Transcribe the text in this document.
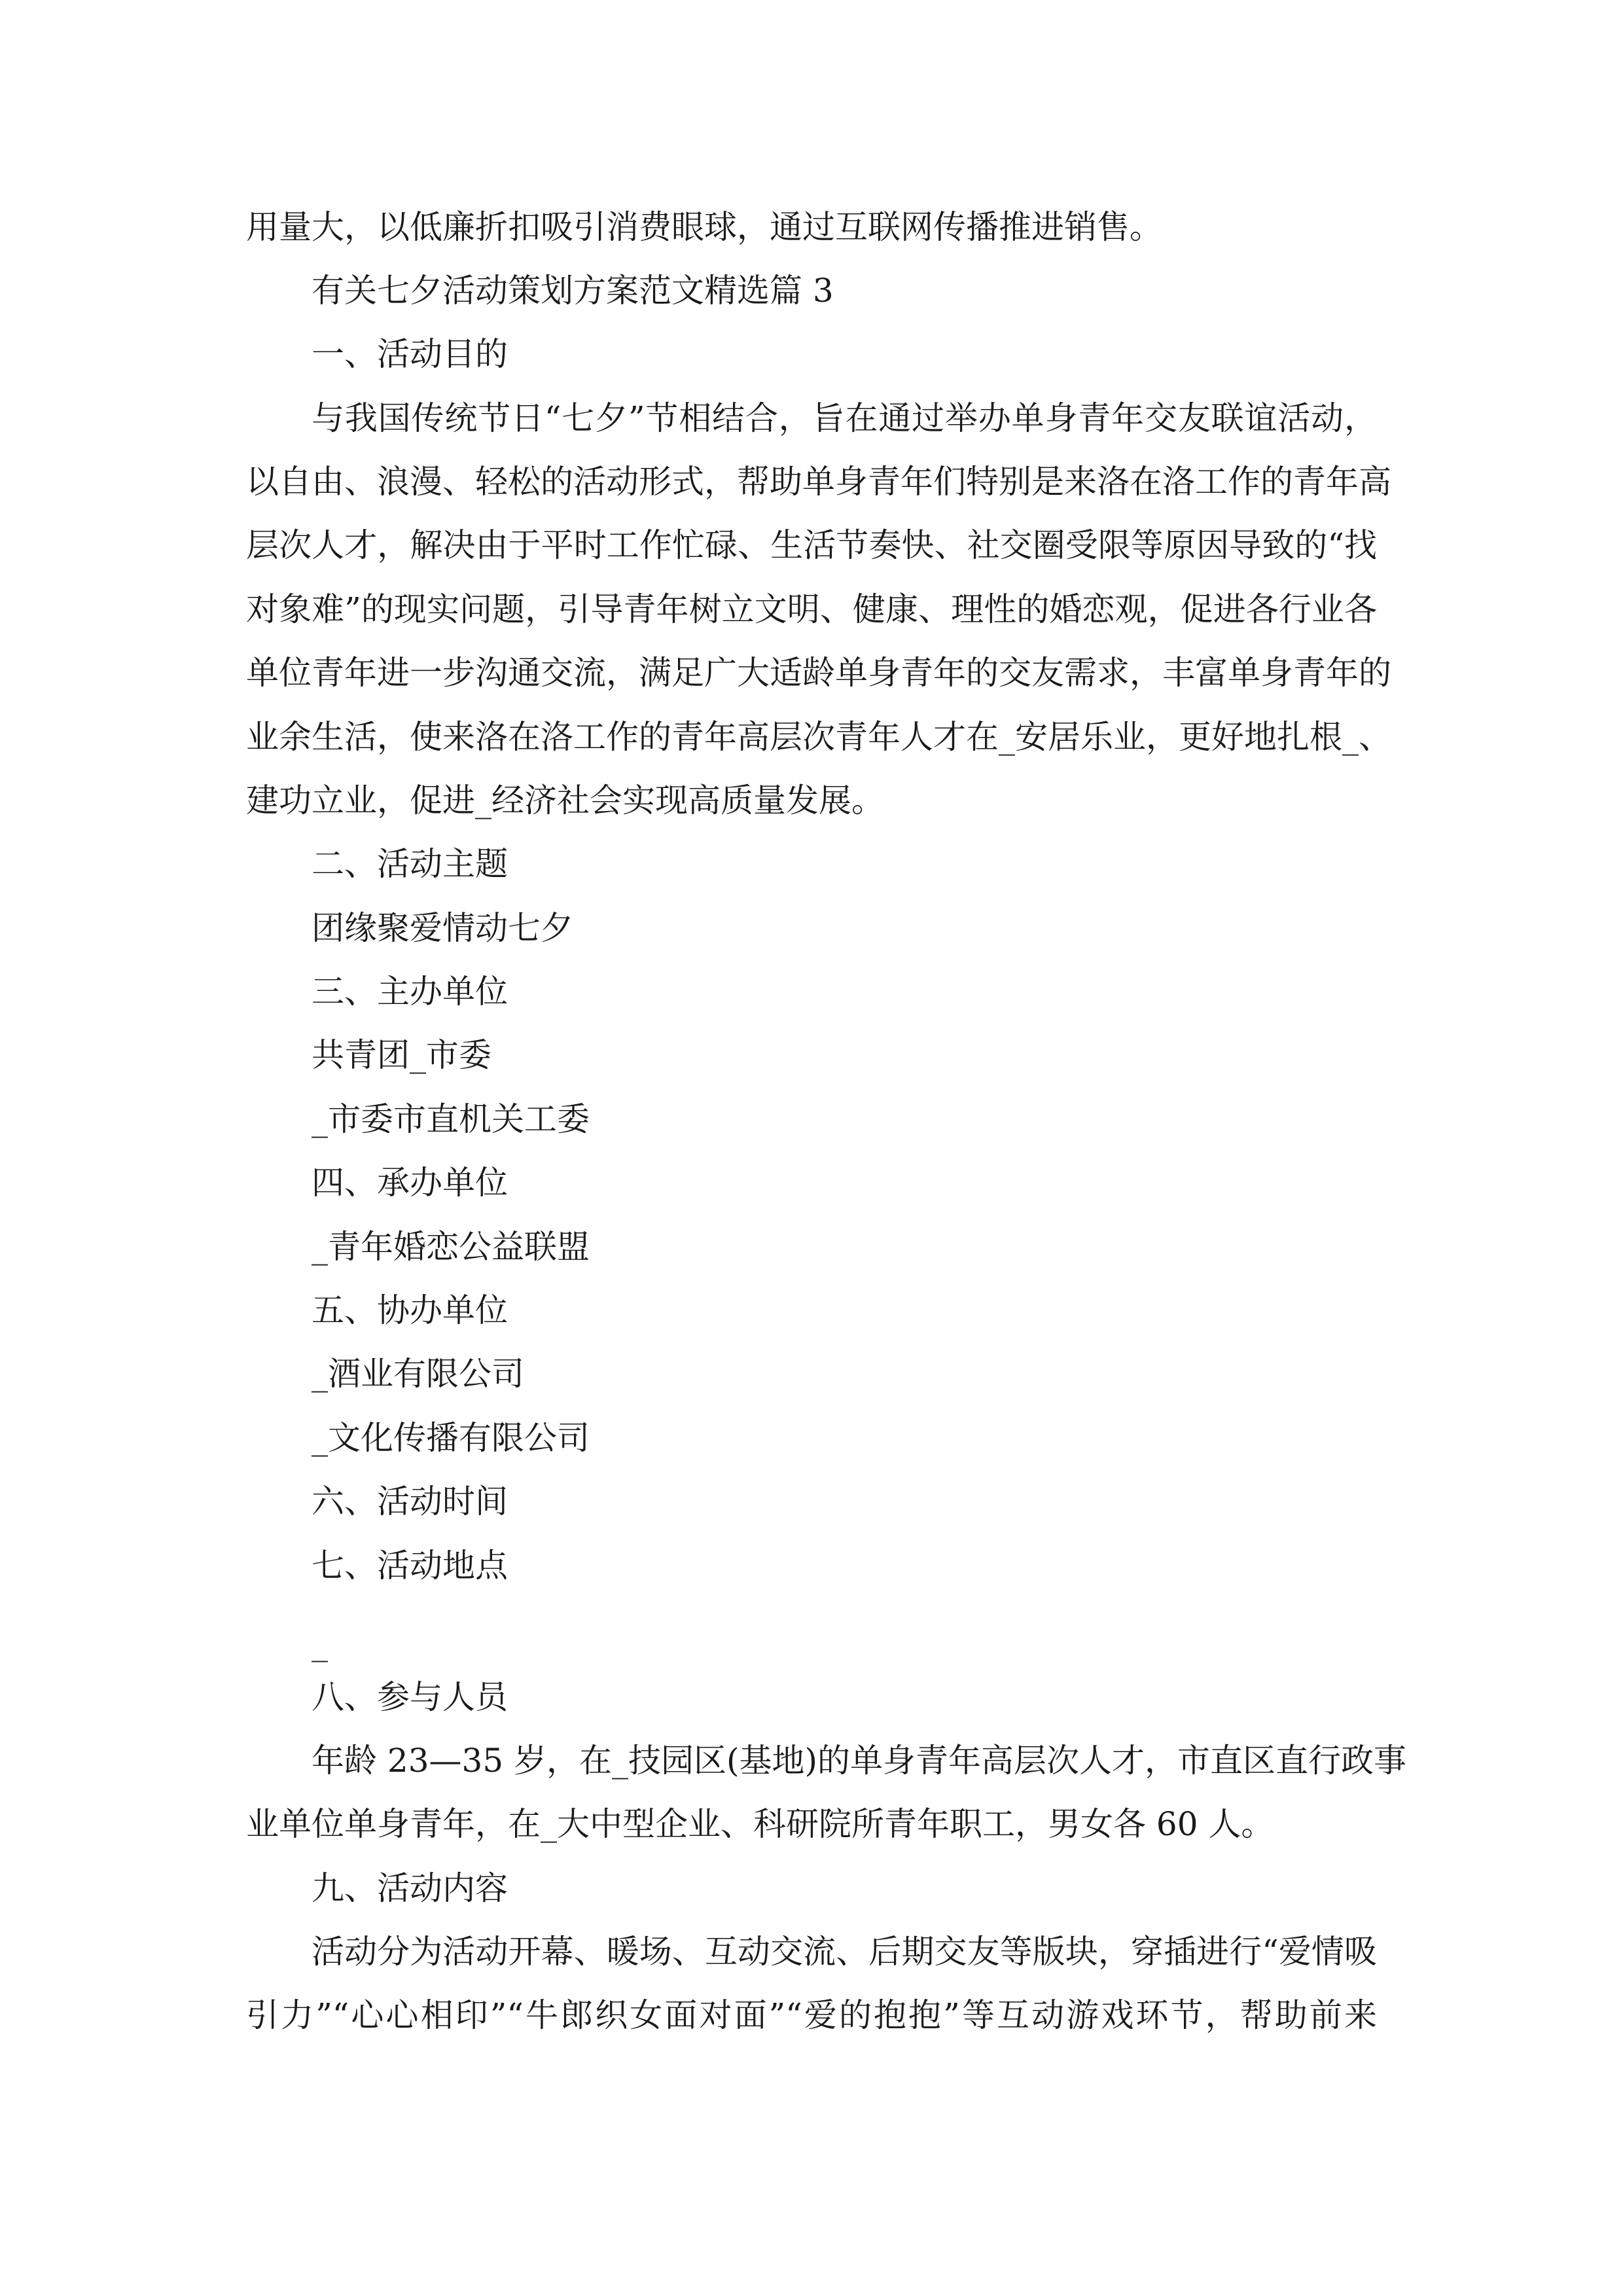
用量大，以低廉折扣吸引消费眼球，通过互联网传播推进销售。

有关七夕活动策划方案范文精选篇 3

一、活动目的

与我国传统节日“七夕”节相结合，旨在通过举办单身青年交友联谊活动，

以自由、浪漫、轻松的活动形式，帮助单身青年们特别是来洛在洛工作的青年高

层次人才，解决由于平时工作忙碌、生活节奏快、社交圈受限等原因导致的“找

对象难”的现实问题，引导青年树立文明、健康、理性的婚恋观，促进各行业各

单位青年进一步沟通交流，满足广大适龄单身青年的交友需求，丰富单身青年的

业余生活，使来洛在洛工作的青年高层次青年人才在_安居乐业，更好地扎根_、

建功立业，促进_经济社会实现高质量发展。

二、活动主题

团缘聚爱情动七夕

三、主办单位

共青团_市委

_市委市直机关工委

四、承办单位

_青年婚恋公益联盟

五、协办单位

_酒业有限公司

_文化传播有限公司

六、活动时间

七、活动地点

_

八、参与人员

年龄 23—35 岁，在_技园区(基地)的单身青年高层次人才，市直区直行政事

业单位单身青年，在_大中型企业、科研院所青年职工，男女各 60 人。

九、活动内容

活动分为活动开幕、暖场、互动交流、后期交友等版块，穿插进行“爱情吸

引力”“心心相印”“牛郎织女面对面”“爱的抱抱”等互动游戏环节，帮助前来
